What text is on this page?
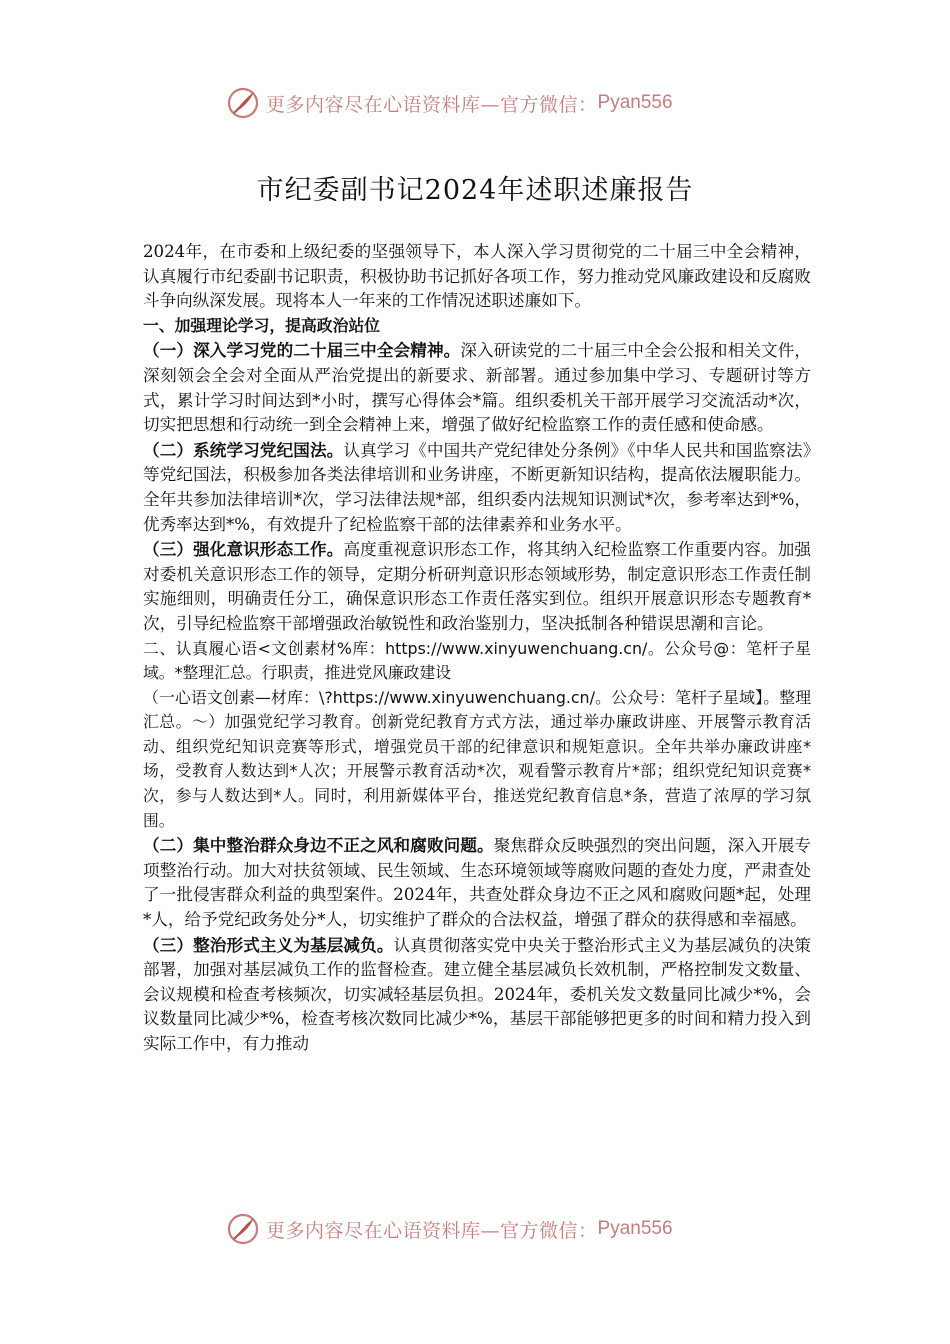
更多内容尽在心语资料库—官方微信： Pyan556
市纪委副书记2024年述职述廉报告

2024年，在市委和上级纪委的坚强领导下，本人深入学习贯彻党的二十届三中全会精神，认真履行市纪委副书记职责，积极协助书记抓好各项工作，努力推动党风廉政建设和反腐败斗争向纵深发展。现将本人一年来的工作情况述职述廉如下。

一、加强理论学习，提高政治站位

（一）深入学习党的二十届三中全会精神。深入研读党的二十届三中全会公报和相关文件，深刻领会全会对全面从严治党提出的新要求、新部署。通过参加集中学习、专题研讨等方式，累计学习时间达到*小时，撰写心得体会*篇。组织委机关干部开展学习交流活动*次，切实把思想和行动统一到全会精神上来，增强了做好纪检监察工作的责任感和使命感。

（二）系统学习党纪国法。认真学习《中国共产党纪律处分条例》《中华人民共和国监察法》等党纪国法，积极参加各类法律培训和业务讲座，不断更新知识结构，提高依法履职能力。全年共参加法律培训*次，学习法律法规*部，组织委内法规知识测试*次，参考率达到*%，优秀率达到*%，有效提升了纪检监察干部的法律素养和业务水平。

（三）强化意识形态工作。高度重视意识形态工作，将其纳入纪检监察工作重要内容。加强对委机关意识形态工作的领导，定期分析研判意识形态领域形势，制定意识形态工作责任制实施细则，明确责任分工，确保意识形态工作责任落实到位。组织开展意识形态专题教育*次，引导纪检监察干部增强政治敏锐性和政治鉴别力，坚决抵制各种错误思潮和言论。

二、认真履心语<文创素材%库：https://www.xinyuwenchuang.cn/。公众号@：笔杆子星域。*整理汇总。行职责，推进党风廉政建设

（一心语文创素—材库：\?https://www.xinyuwenchuang.cn/。公众号：笔杆子星域】。整理汇总。～）加强党纪学习教育。创新党纪教育方式方法，通过举办廉政讲座、开展警示教育活动、组织党纪知识竞赛等形式，增强党员干部的纪律意识和规矩意识。全年共举办廉政讲座*场，受教育人数达到*人次；开展警示教育活动*次，观看警示教育片*部；组织党纪知识竞赛*次，参与人数达到*人。同时，利用新媒体平台，推送党纪教育信息*条，营造了浓厚的学习氛围。

（二）集中整治群众身边不正之风和腐败问题。聚焦群众反映强烈的突出问题，深入开展专项整治行动。加大对扶贫领域、民生领域、生态环境领域等腐败问题的查处力度，严肃查处了一批侵害群众利益的典型案件。2024年，共查处群众身边不正之风和腐败问题*起，处理*人，给予党纪政务处分*人，切实维护了群众的合法权益，增强了群众的获得感和幸福感。

（三）整治形式主义为基层减负。认真贯彻落实党中央关于整治形式主义为基层减负的决策部署，加强对基层减负工作的监督检查。建立健全基层减负长效机制，严格控制发文数量、会议规模和检查考核频次，切实减轻基层负担。2024年，委机关发文数量同比减少*%，会议数量同比减少*%，检查考核次数同比减少*%，基层干部能够把更多的时间和精力投入到实际工作中，有力推动

更多内容尽在心语资料库—官方微信： Pyan556
